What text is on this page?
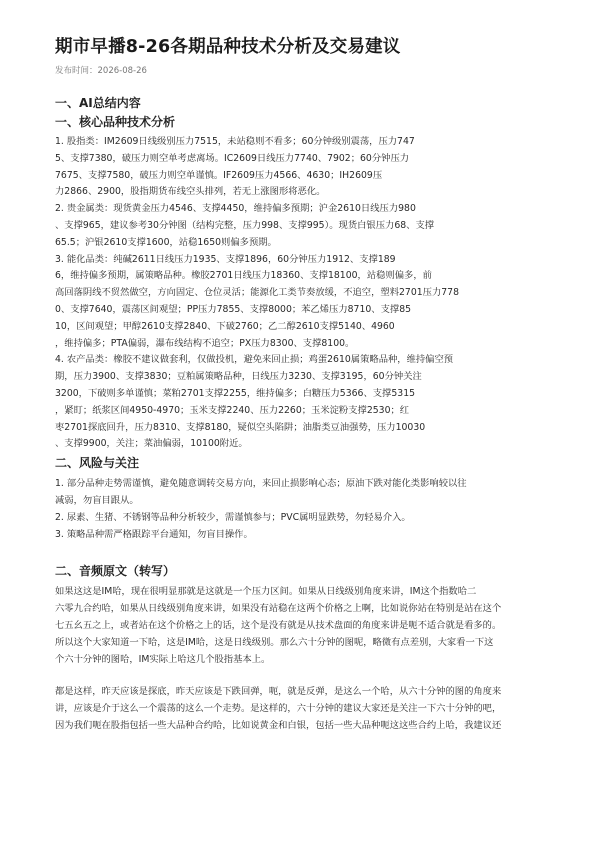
期市早播8-26各期品种技术分析及交易建议
发布时间：2026-08-26
一、AI总结内容
一、核心品种技术分析

1. 股指类：IM2609日线级别压力7515，未站稳则不看多；60分钟级别震荡，压力747
5、支撑7380，破压力则空单考虑离场。IC2609日线压力7740、7902；60分钟压力
7675、支撑7580，破压力则空单谨慎。IF2609压力4566、4630；IH2609压
力2866、2900，股指期货布线空头排列，若无上涨图形将恶化。
2. 贵金属类：现货黄金压力4546、支撑4450，维持偏多预期；沪金2610日线压力980
、支撑965，建议参考30分钟图（结构完整，压力998、支撑995）。现货白银压力68、支撑
65.5；沪银2610支撑1600，站稳1650则偏多预期。
3. 能化品类：纯碱2611日线压力1935、支撑1896，60分钟压力1912、支撑189
6，维持偏多预期，属策略品种。橡胶2701日线压力18360、支撑18100，站稳则偏多，前
高回落阴线不贸然做空，方向固定、仓位灵活；能源化工类节奏放缓，不追空，塑料2701压力778
0、支撑7640，震荡区间观望；PP压力7855、支撑8000；苯乙烯压力8710、支撑85
10，区间观望；甲醇2610支撑2840、下破2760；乙二醇2610支撑5140、4960
，维持偏多；PTA偏弱，瀑布线结构不追空；PX压力8300、支撑8100。
4. 农产品类：橡胶不建议做套利，仅做投机，避免来回止损；鸡蛋2610属策略品种，维持偏空预
期，压力3900、支撑3830；豆粕属策略品种，日线压力3230、支撑3195，60分钟关注
3200，下破则多单谨慎；菜粕2701支撑2255，维持偏多；白糖压力5366、支撑5315
，紧盯；纸浆区间4950-4970；玉米支撑2240、压力2260；玉米淀粉支撑2530；红
枣2701探底回升，压力8310、支撑8180，疑似空头陷阱；油脂类豆油强势，压力10030
、支撑9900，关注；菜油偏弱，10100附近。

二、风险与关注

1. 部分品种走势需谨慎，避免随意调转交易方向，来回止损影响心态；原油下跌对能化类影响较以往
减弱，勿盲目跟从。
2. 尿素、生猪、不锈钢等品种分析较少，需谨慎参与；PVC属明显跌势，勿轻易介入。
3. 策略品种需严格跟踪平台通知，勿盲目操作。

二、音频原文（转写）

如果这这是IM哈，现在很明显那就是这就是一个压力区间。如果从日线级别角度来讲，IM这个指数哈二
六零九合约哈，如果从日线级别角度来讲，如果没有站稳在这两个价格之上啊，比如说你站在特别是站在这个
七五幺五之上，或者站在这个价格之上的话，这个是没有就是从技术盘面的角度来讲是呃不适合就是看多的。
所以这个大家知道一下哈，这是IM哈，这是日线级别。那么六十分钟的图呢，略微有点差别，大家看一下这
个六十分钟的图哈，IM实际上哈这几个股指基本上。

都是这样，昨天应该是探底，昨天应该是下跌回弹，呃，就是反弹，是这么一个哈，从六十分钟的图的角度来
讲，应该是介于这么一个震荡的这么一个走势。是这样的，六十分钟的建议大家还是关注一下六十分钟的吧，
因为我们呃在股指包括一些大品种合约哈，比如说黄金和白银，包括一些大品种呃这这些合约上哈，我建议还
